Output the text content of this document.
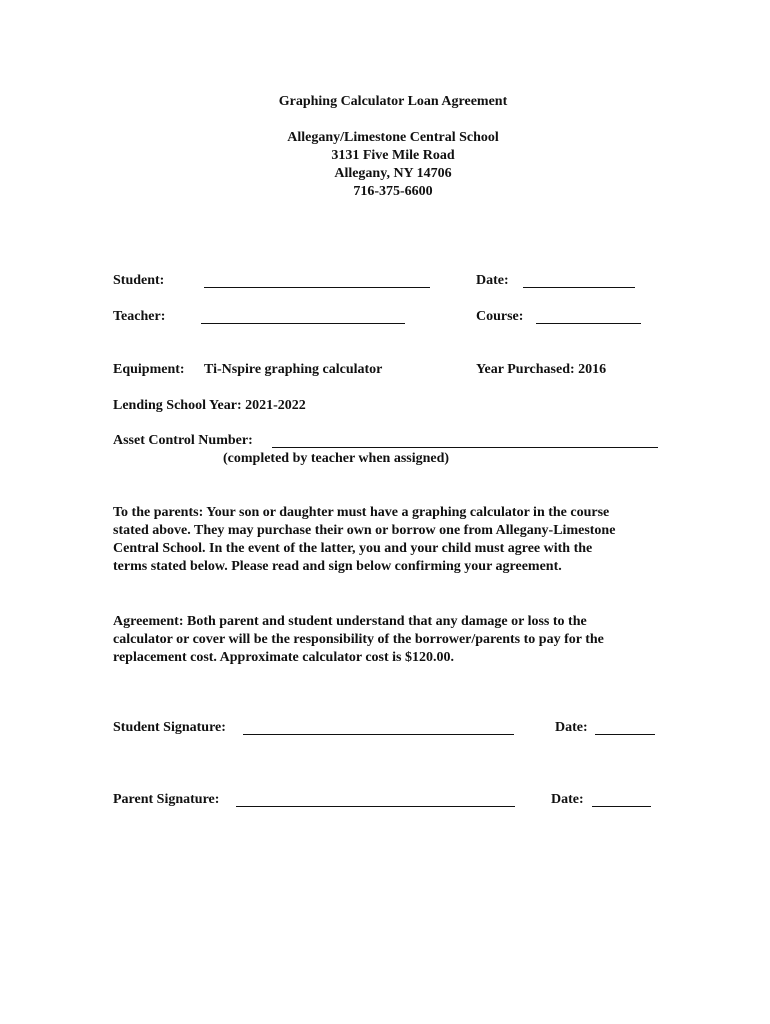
Graphing Calculator Loan Agreement
Allegany/Limestone Central School
3131 Five Mile Road
Allegany, NY 14706
716-375-6600
Student:	Date:
Teacher:	Course:
Equipment: Ti-Nspire graphing calculator	Year Purchased: 2016
Lending School Year: 2021-2022
Asset Control Number:
(completed by teacher when assigned)
To the parents: Your son or daughter must have a graphing calculator in the course
stated above. They may purchase their own or borrow one from Allegany-Limestone
Central School. In the event of the latter, you and your child must agree with the
terms stated below. Please read and sign below confirming your agreement.
Agreement: Both parent and student understand that any damage or loss to the
calculator or cover will be the responsibility of the borrower/parents to pay for the
replacement cost. Approximate calculator cost is $120.00.
Student Signature:	Date:
Parent Signature:	Date:
